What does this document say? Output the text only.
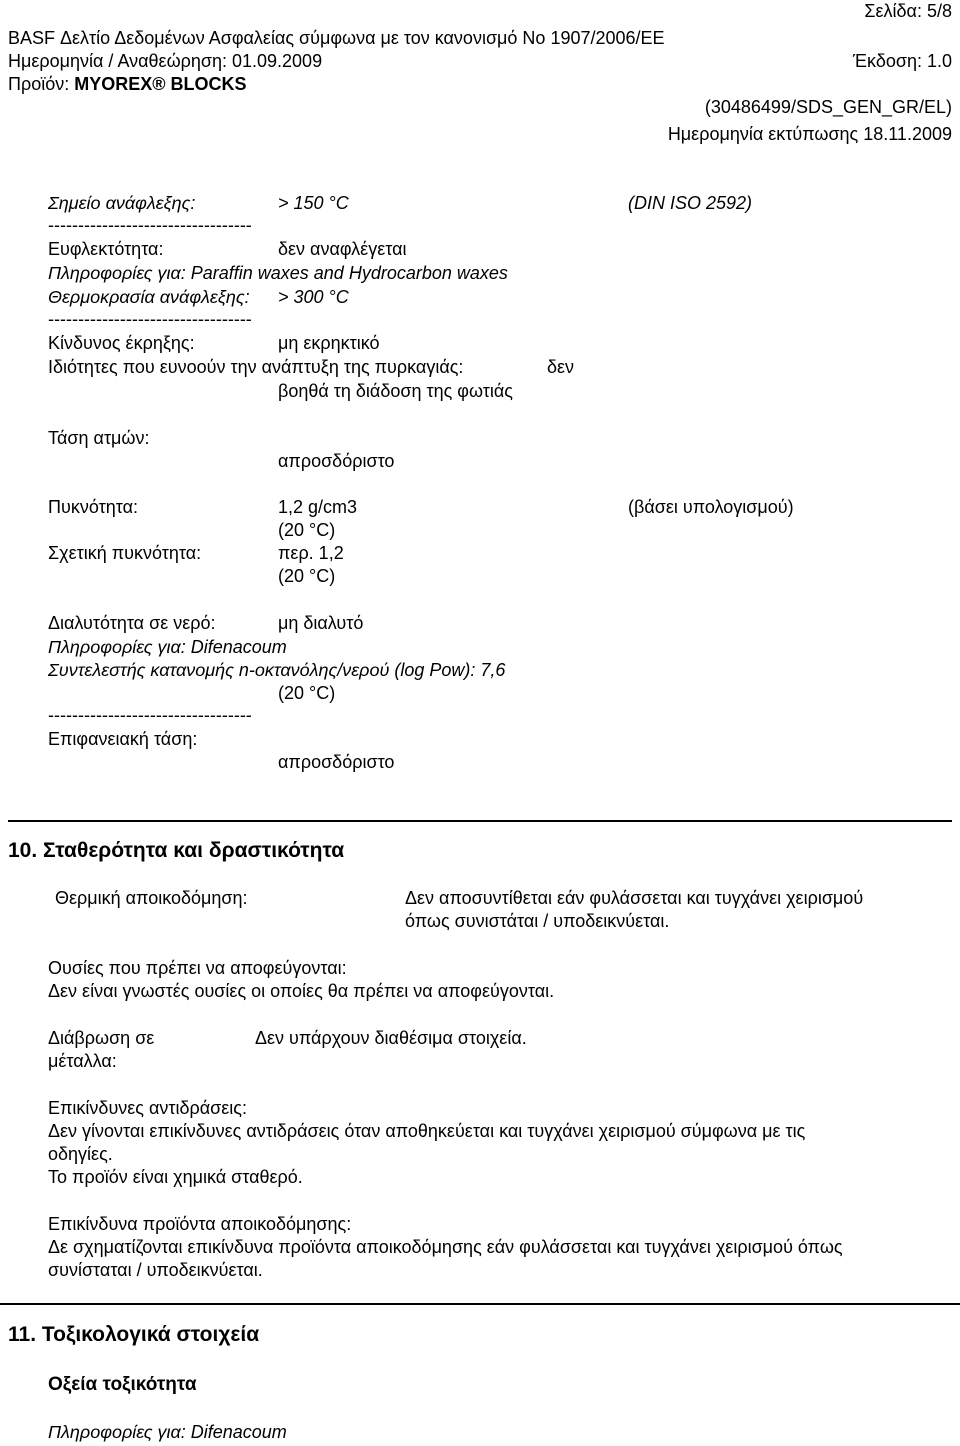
Σελίδα: 5/8
BASF Δελτίο Δεδομένων Ασφαλείας σύμφωνα με τον κανονισμό Νο 1907/2006/ΕΕ
Ημερομηνία / Αναθεώρηση: 01.09.2009	Έκδοση: 1.0
Προϊόν: MYOREX® BLOCKS
(30486499/SDS_GEN_GR/EL)
Ημερομηνία εκτύπωσης 18.11.2009
Σημείο ανάφλεξης:	> 150 °C	(DIN ISO 2592)
----------------------------------
Ευφλεκτότητα:	δεν αναφλέγεται
Πληροφορίες για: Paraffin waxes and Hydrocarbon waxes
Θερμοκρασία ανάφλεξης: > 300 °C
----------------------------------
Κίνδυνος έκρηξης:	μη εκρηκτικό
Ιδιότητες που ευνοούν την ανάπτυξη της πυρκαγιάς:	δεν
βοηθά τη διάδοση της φωτιάς
Τάση ατμών:
απροσδόριστο
Πυκνότητα:	1,2 g/cm3	(βάσει υπολογισμού)
(20 °C)
Σχετική πυκνότητα:	περ. 1,2
(20 °C)
Διαλυτότητα σε νερό:	μη διαλυτό
Πληροφορίες για: Difenacoum
Συντελεστής κατανομής n-οκτανόλης/νερού (log Pow): 7,6
(20 °C)
----------------------------------
Επιφανειακή τάση:
απροσδόριστο
10. Σταθερότητα και δραστικότητα
Θερμική αποικοδόμηση:	Δεν αποσυντίθεται εάν φυλάσσεται και τυγχάνει χειρισμού
όπως συνιστάται / υποδεικνύεται.
Ουσίες που πρέπει να αποφεύγονται:
Δεν είναι γνωστές ουσίες οι οποίες θα πρέπει να αποφεύγονται.
Διάβρωση σε
μέταλλα:
Δεν υπάρχουν διαθέσιμα στοιχεία.
Επικίνδυνες αντιδράσεις:
Δεν γίνονται επικίνδυνες αντιδράσεις όταν αποθηκεύεται και τυγχάνει χειρισμού σύμφωνα με τις
οδηγίες.
Το προϊόν είναι χημικά σταθερό.
Επικίνδυνα προϊόντα αποικοδόμησης:
Δε σχηματίζονται επικίνδυνα προϊόντα αποικοδόμησης εάν φυλάσσεται και τυγχάνει χειρισμού όπως
συνίσταται / υποδεικνύεται.
11. Τοξικολογικά στοιχεία
Οξεία τοξικότητα
Πληροφορίες για: Difenacoum
